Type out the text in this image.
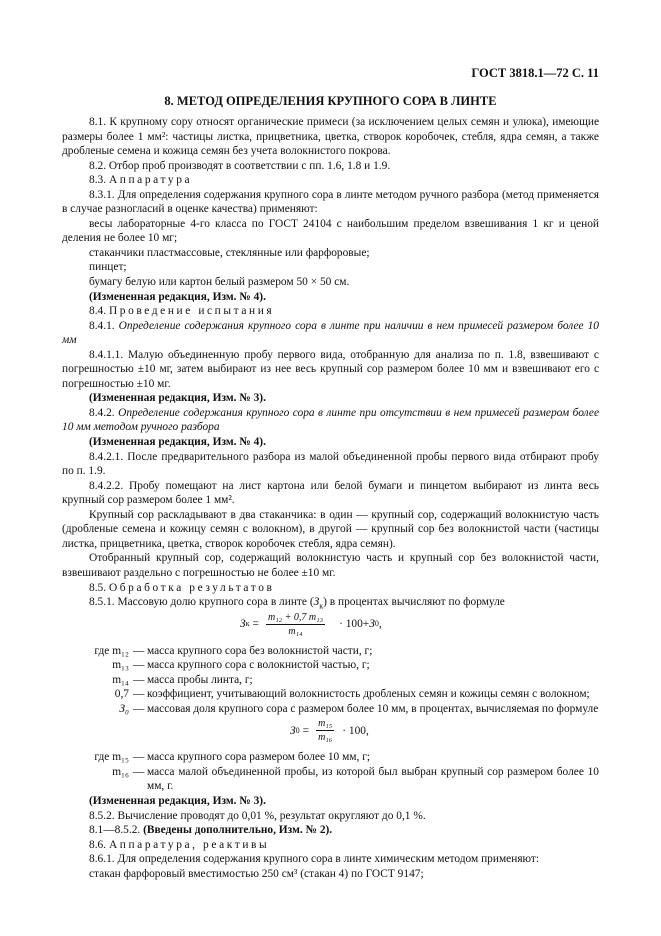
ГОСТ 3818.1—72 С. 11
8. МЕТОД ОПРЕДЕЛЕНИЯ КРУПНОГО СОРА В ЛИНТЕ

8.1. К крупному сору относят органические примеси (за исключением целых семян и улюка), имеющие размеры более 1 мм²: частицы листка, прицветника, цветка, створок коробочек, стебля, ядра семян, а также дробленые семена и кожица семян без учета волокнистого покрова.

8.2. Отбор проб производят в соответствии с пп. 1.6, 1.8 и 1.9.

8.3. Аппаратура

8.3.1. Для определения содержания крупного сора в линте методом ручного разбора (метод применяется в случае разногласий в оценке качества) применяют:

весы лабораторные 4-го класса по ГОСТ 24104 с наибольшим пределом взвешивания 1 кг и ценой деления не более 10 мг;

стаканчики пластмассовые, стеклянные или фарфоровые;

пинцет;

бумагу белую или картон белый размером 50 × 50 см.

(Измененная редакция, Изм. № 4).

8.4. Проведение испытания

8.4.1. Определение содержания крупного сора в линте при наличии в нем примесей размером более 10 мм

8.4.1.1. Малую объединенную пробу первого вида, отобранную для анализа по п. 1.8, взвешивают с погрешностью ±10 мг, затем выбирают из нее весь крупный сор размером более 10 мм и взвешивают его с погрешностью ±10 мг.

(Измененная редакция, Изм. № 3).

8.4.2. Определение содержания крупного сора в линте при отсутствии в нем примесей размером более 10 мм методом ручного разбора

(Измененная редакция, Изм. № 4).

8.4.2.1. После предварительного разбора из малой объединенной пробы первого вида отбирают пробу по п. 1.9.

8.4.2.2. Пробу помещают на лист картона или белой бумаги и пинцетом выбирают из линта весь крупный сор размером более 1 мм².

Крупный сор раскладывают в два стаканчика: в один — крупный сор, содержащий волокнистую часть (дробленые семена и кожицу семян с волокном), в другой — крупный сор без волокнистой части (частицы листка, прицветника, цветка, створок коробочек стебля, ядра семян).

Отобранный крупный сор, содержащий волокнистую часть и крупный сор без волокнистой части, взвешивают раздельно с погрешностью не более ±10 мг.

8.5. Обработка результатов

8.5.1. Массовую долю крупного сора в линте $(З_к)$ в процентах вычисляют по формуле

З $к = \frac{\text{m₁₂ + 0,7 m₁₃}}{\text{m₁₄}} \cdot 100+ З$ 0 ,
где m₁₂ — масса крупного сора без волокнистой части, г;
m₁₃ — масса крупного сора с волокнистой частью, г;
m₁₄ — масса пробы линта, г;
0,7 — коэффициент, учитывающий волокнистость дробленых семян и кожицы семян с волокном;
З₀ — массовая доля крупного сора с размером более 10 мм, в процентах, вычисляемая по формуле
З $0 = \frac{\text{m₁₅}}{\text{m₁₆}} \cdot 100$,
где m₁₅ — масса крупного сора размером более 10 мм, г;
m₁₆ — масса малой объединенной пробы, из которой был выбран крупный сор размером более 10 мм, г.

(Измененная редакция, Изм. № 3).

8.5.2. Вычисление проводят до 0,01 %, результат округляют до 0,1 %.

8.1—8.5.2. (Введены дополнительно, Изм. № 2).

8.6. Аппаратура, реактивы

8.6.1. Для определения содержания крупного сора в линте химическим методом применяют:

стакан фарфоровый вместимостью 250 см³ (стакан 4) по ГОСТ 9147;
